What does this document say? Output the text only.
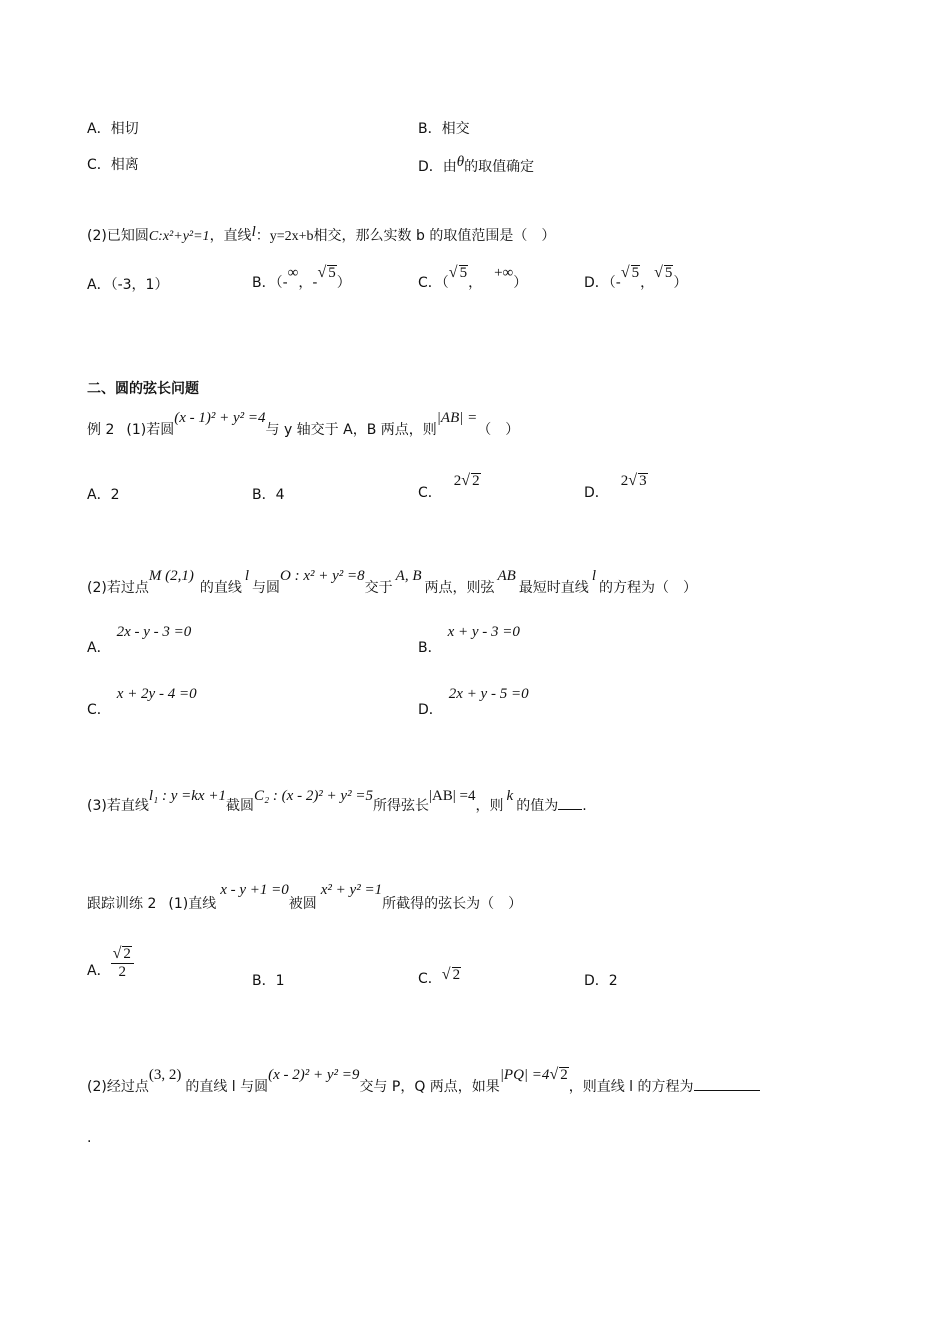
A．相切	B．相交
C．相离	D．由θ的取值确定
(2)已知圆C:x²+y²=1，直线l：y=2x+b相交，那么实数 b 的取值范围是（　）
A．（-3，1）	B．（-∞，-√ 5）	C．（√ 5，+∞）	D．（-√ 5，√ 5）
二、圆的弦长问题
例 2 (1)若圆(x - 1)² + y² =4与 y 轴交于 A，B 两点，则|AB| =（　）
A．2	B．4	C．2√ 2
D．2√ 3
(2)若过点M (2,1)的直线l与圆O : x² + y² =8交于A, B两点，则弦AB最短时直线l的方程为（　）
A．2x - y - 3 =0
B．x + y - 3 =0
C．x + 2y - 4 =0
D．2x + y - 5 =0
(3)若直线l₁ : y =kx +1截圆C₂ : (x - 2)² + y² =5所得弦长|AB| =4，则k的值为 .
跟踪训练 2 (1)直线x - y +1 =0被圆x² + y² =1所截得的弦长为（　）
A． $\frac{√ 2}{2}$	B．1	C．√ 2	D．2
(2)经过点(3, 2)的直线 l 与圆(x - 2)² + y² =9交与 P，Q 两点，如果|PQ| =4√ 2，则直线 l 的方程为
.
